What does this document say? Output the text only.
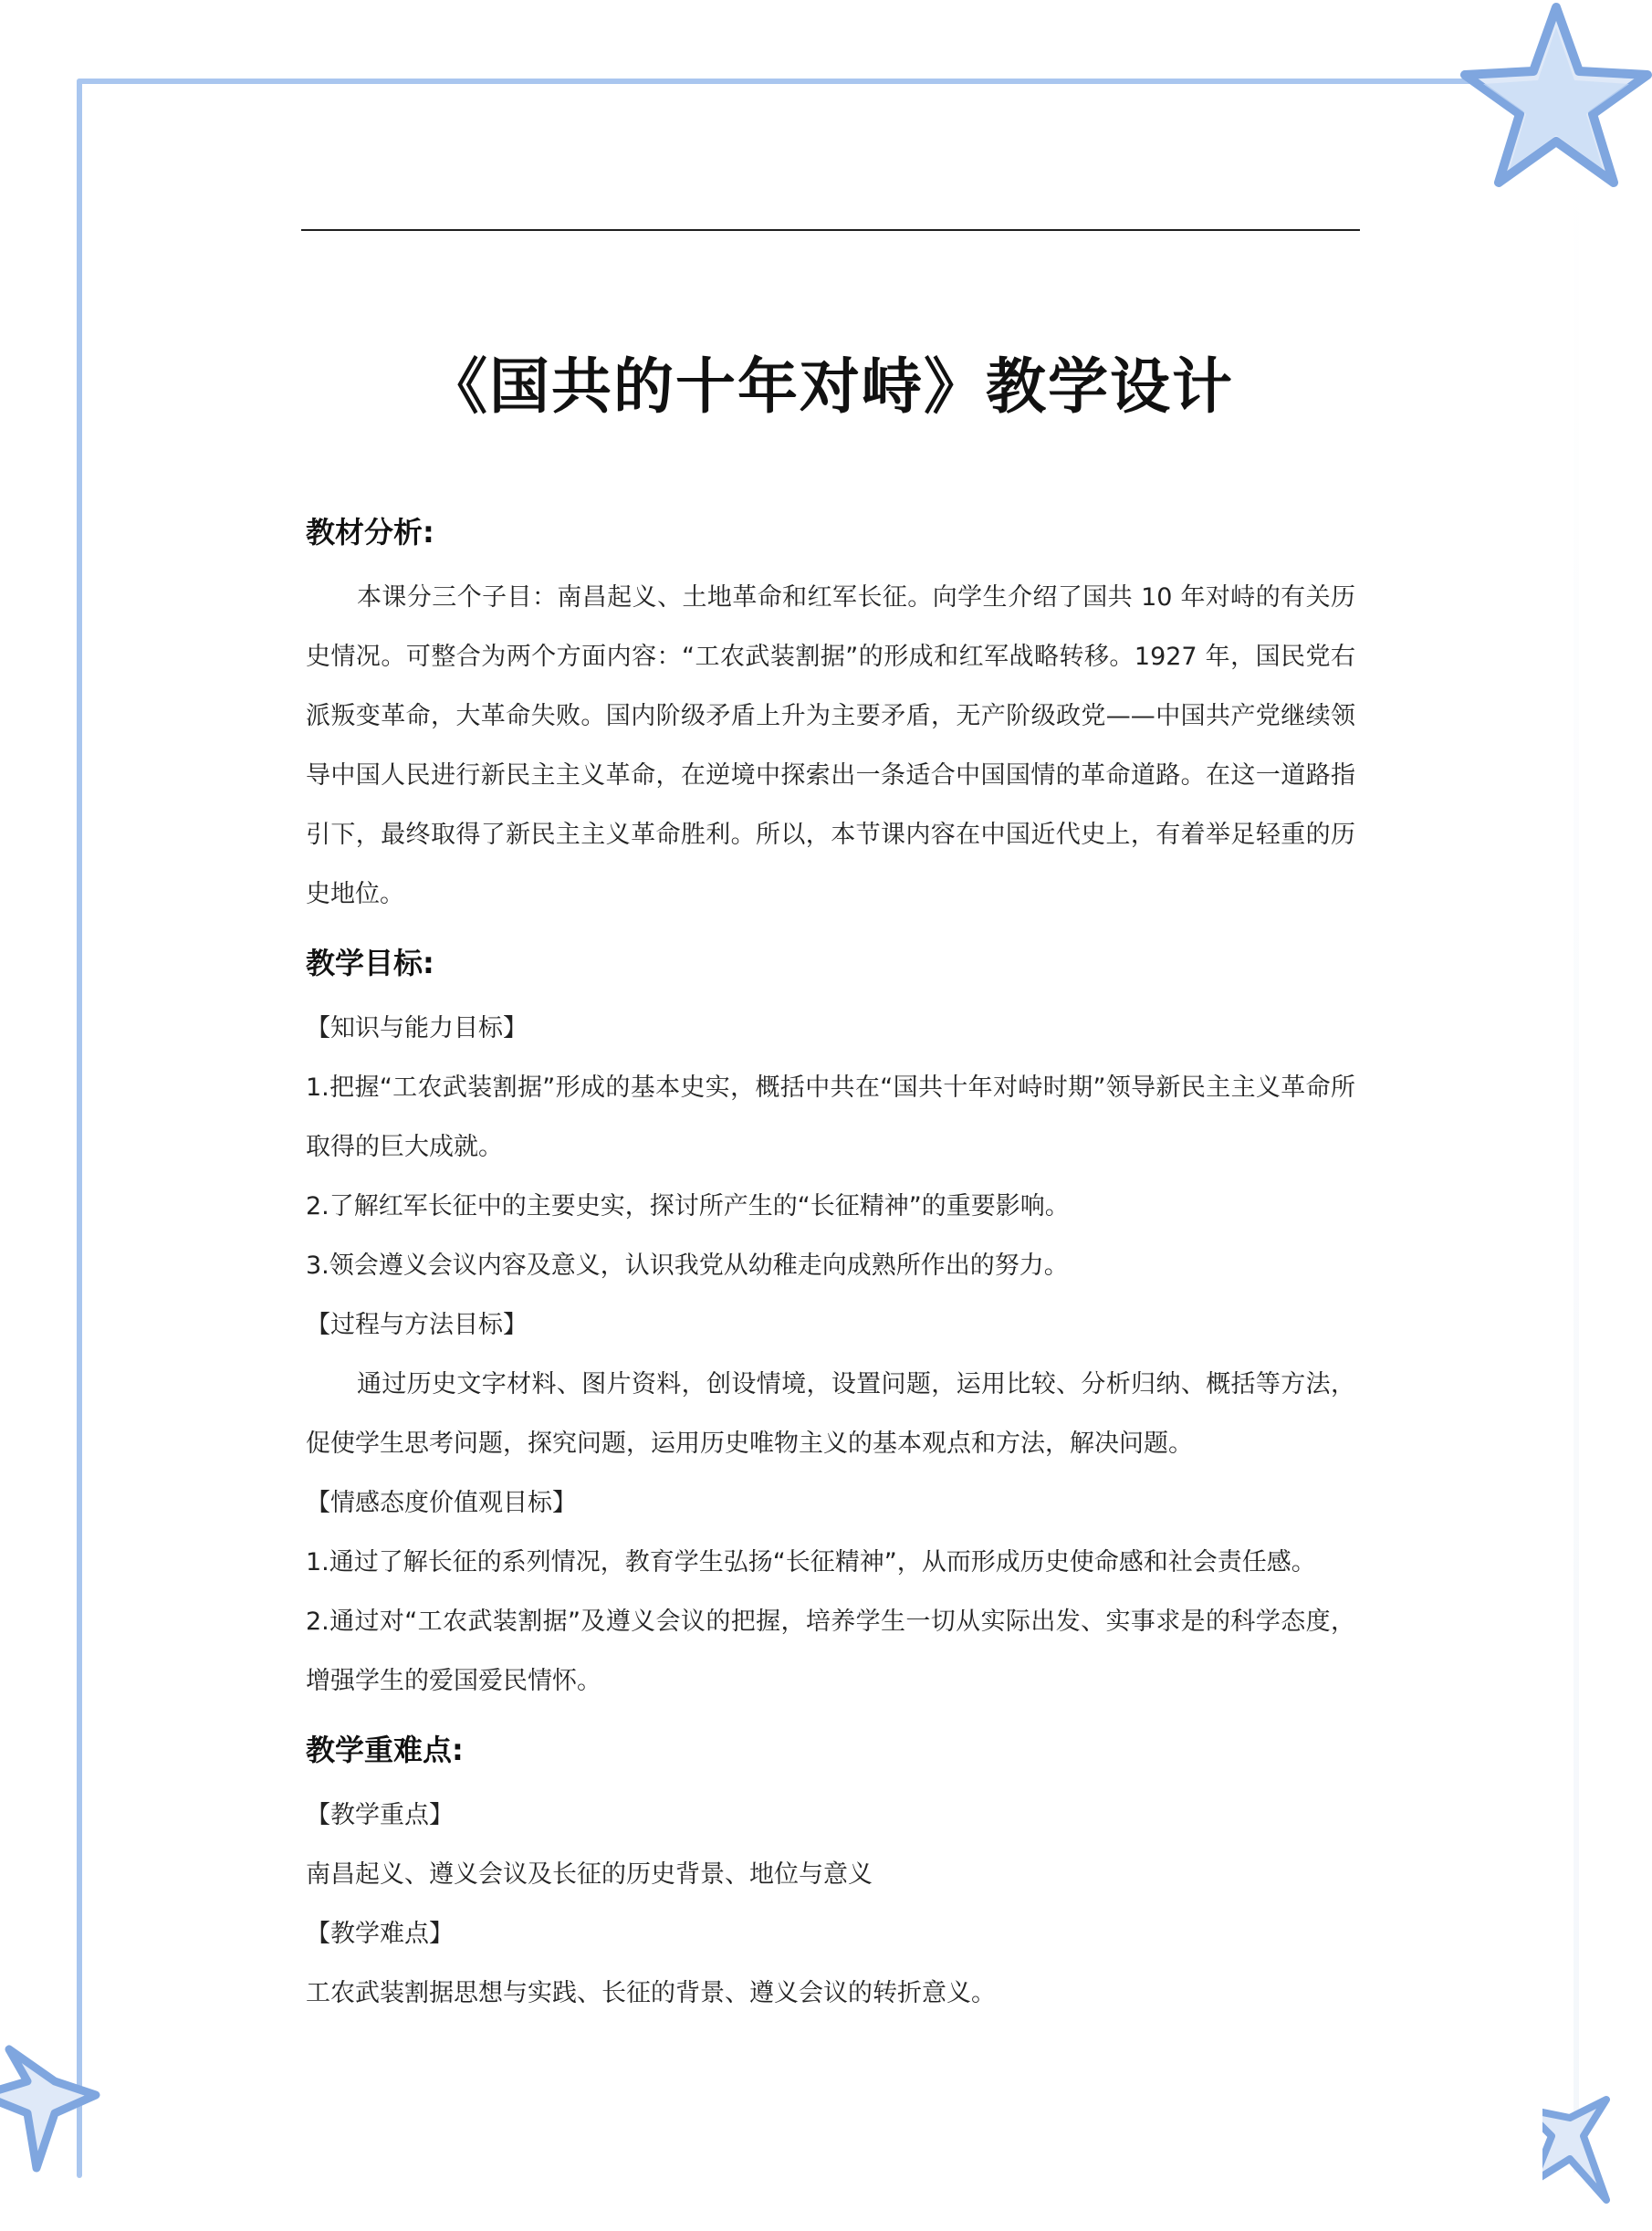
《国共的十年对峙》教学设计
教材分析:

本课分三个子目：南昌起义、土地革命和红军长征。向学生介绍了国共 10 年对峙的有关历史情况。可整合为两个方面内容：“工农武装割据”的形成和红军战略转移。1927 年，国民党右派叛变革命，大革命失败。国内阶级矛盾上升为主要矛盾，无产阶级政党——中国共产党继续领导中国人民进行新民主主义革命，在逆境中探索出一条适合中国国情的革命道路。在这一道路指引下，最终取得了新民主主义革命胜利。所以，本节课内容在中国近代史上，有着举足轻重的历史地位。

教学目标:

【知识与能力目标】

1.把握“工农武装割据”形成的基本史实，概括中共在“国共十年对峙时期”领导新民主主义革命所取得的巨大成就。

2.了解红军长征中的主要史实，探讨所产生的“长征精神”的重要影响。

3.领会遵义会议内容及意义，认识我党从幼稚走向成熟所作出的努力。

【过程与方法目标】

通过历史文字材料、图片资料，创设情境，设置问题，运用比较、分析归纳、概括等方法，促使学生思考问题，探究问题，运用历史唯物主义的基本观点和方法，解决问题。

【情感态度价值观目标】

1.通过了解长征的系列情况，教育学生弘扬“长征精神”，从而形成历史使命感和社会责任感。

2.通过对“工农武装割据”及遵义会议的把握，培养学生一切从实际出发、实事求是的科学态度，增强学生的爱国爱民情怀。

教学重难点:

【教学重点】

南昌起义、遵义会议及长征的历史背景、地位与意义

【教学难点】

工农武装割据思想与实践、长征的背景、遵义会议的转折意义。
